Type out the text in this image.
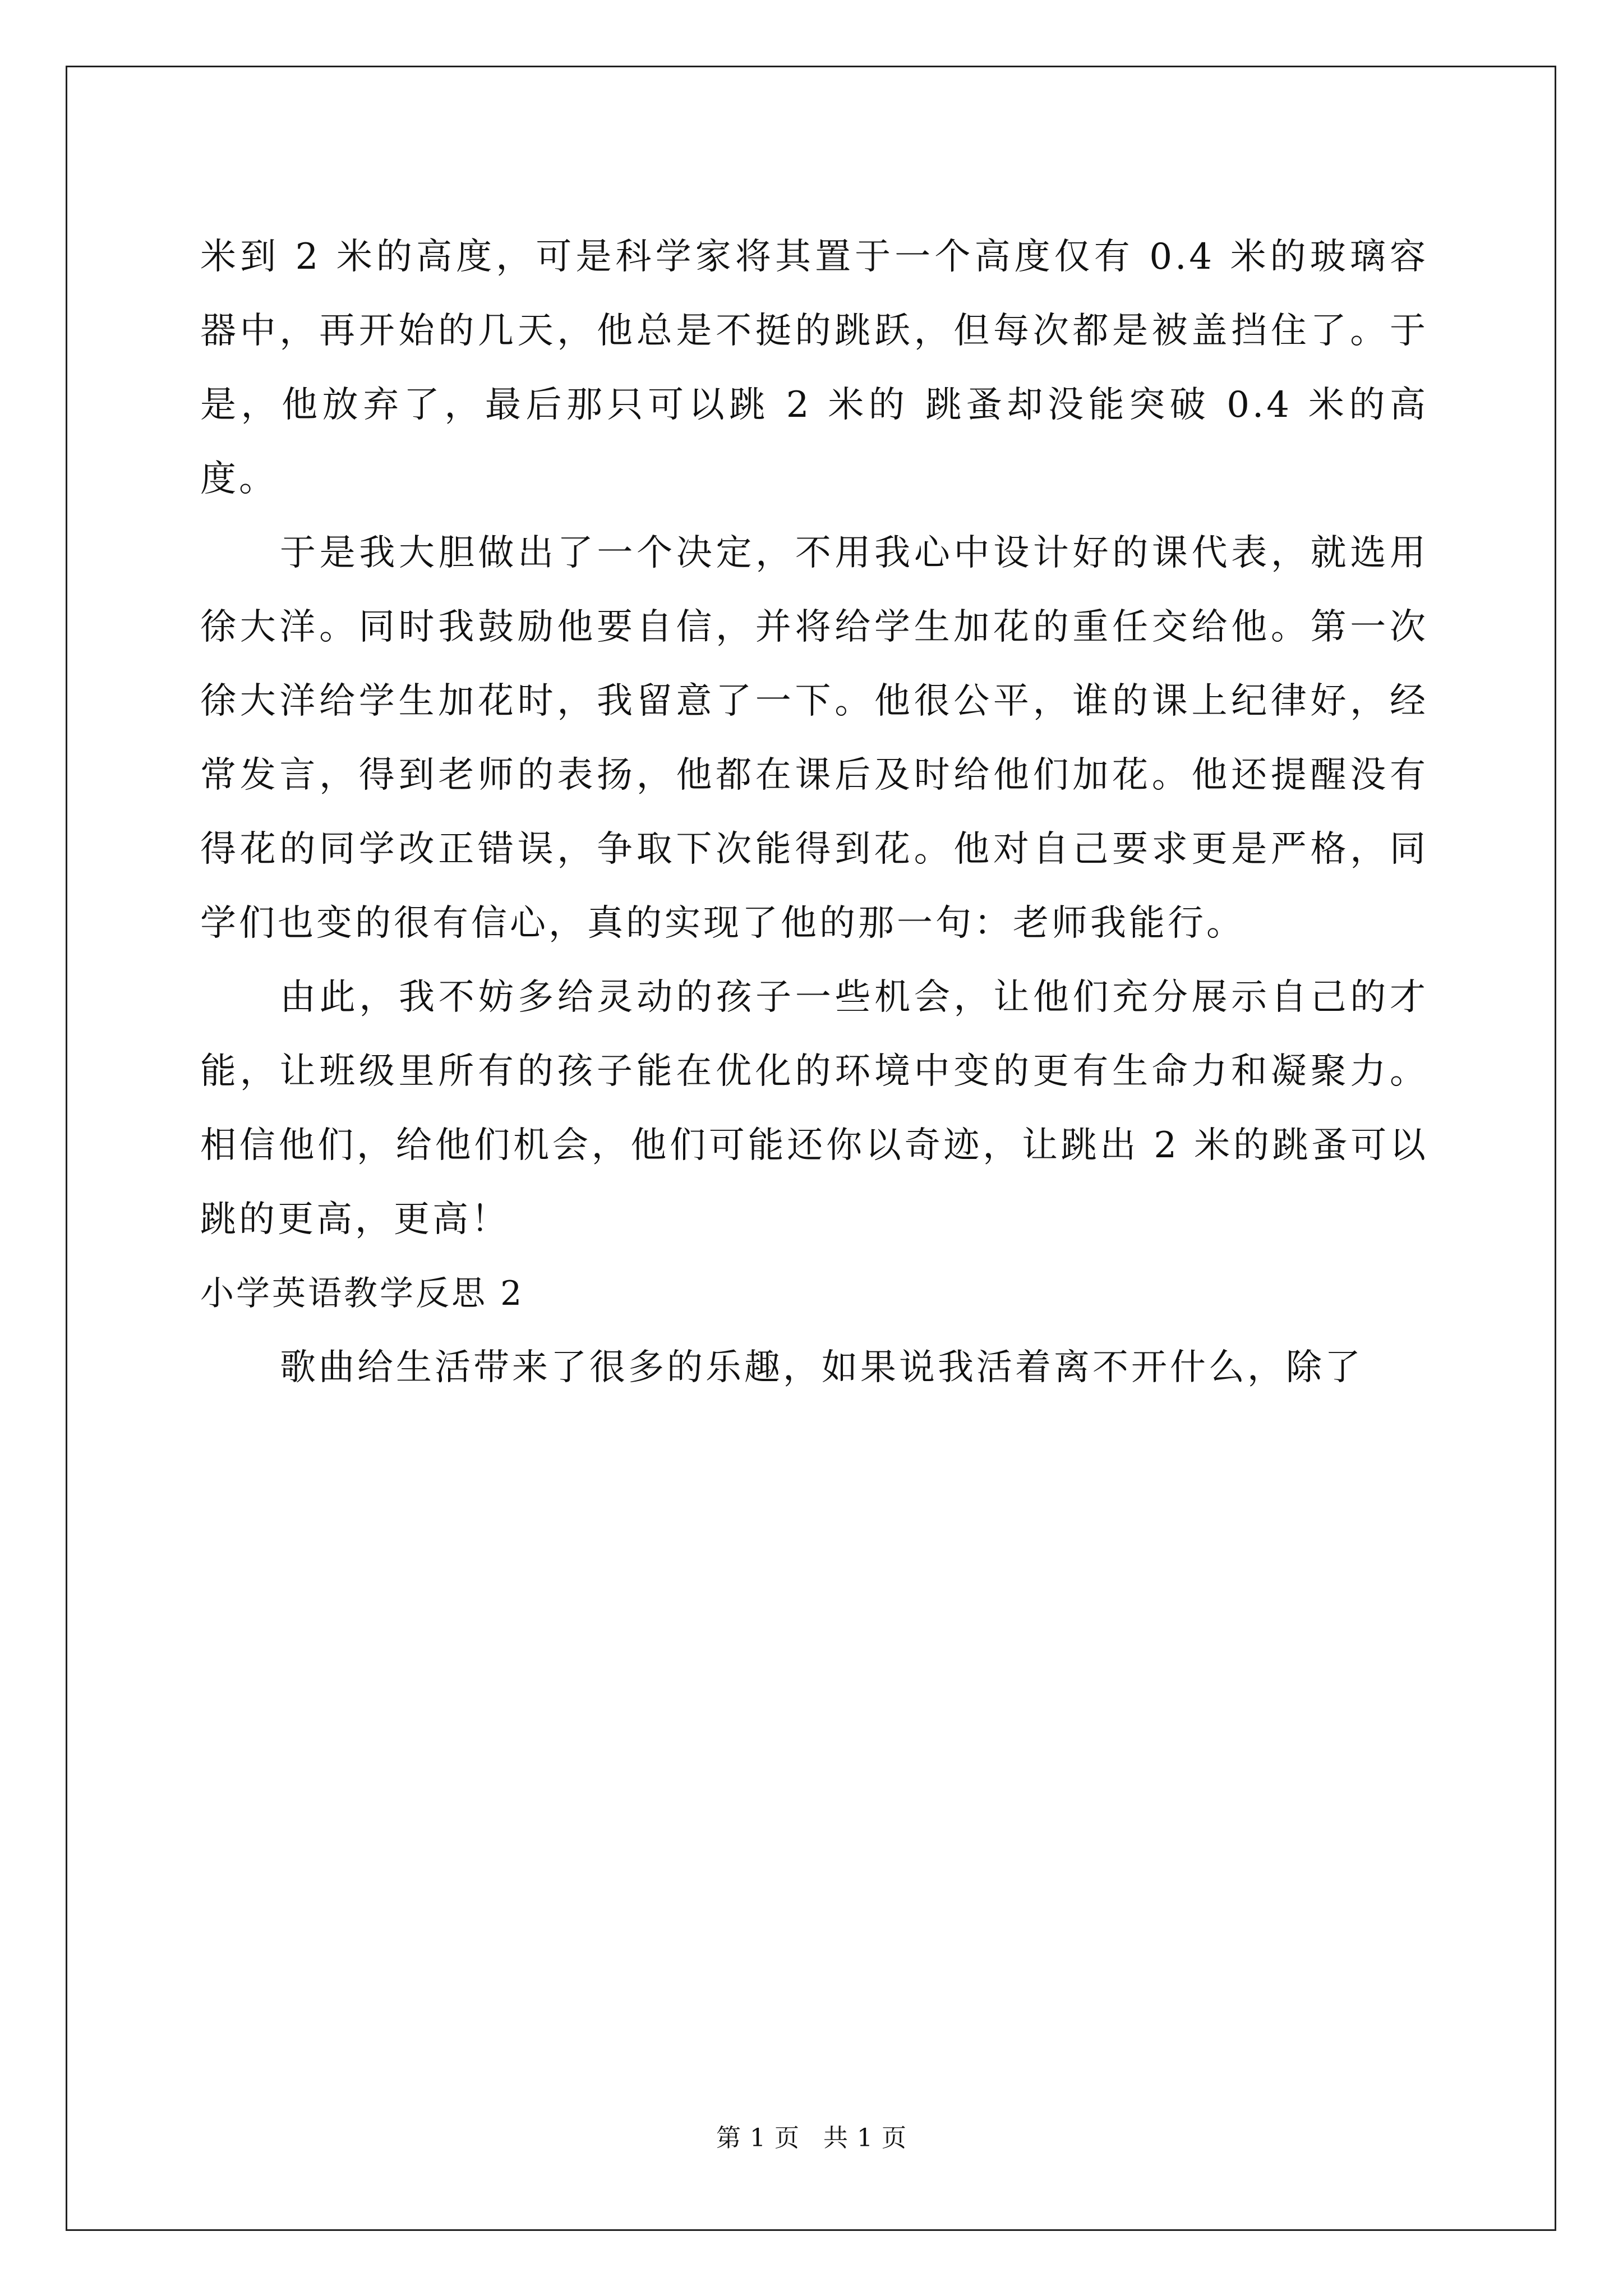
米到 2 米的高度，可是科学家将其置于一个高度仅有 0.4 米的玻璃容器中，再开始的几天，他总是不挺的跳跃，但每次都是被盖挡住了。于是，他放弃了，最后那只可以跳 2 米的 跳蚤却没能突破 0.4 米的高度。

于是我大胆做出了一个决定，不用我心中设计好的课代表，就选用徐大洋。同时我鼓励他要自信，并将给学生加花的重任交给他。第一次徐大洋给学生加花时，我留意了一下。他很公平，谁的课上纪律好，经常发言，得到老师的表扬，他都在课后及时给他们加花。他还提醒没有得花的同学改正错误，争取下次能得到花。他对自己要求更是严格，同学们也变的很有信心，真的实现了他的那一句：老师我能行。

由此，我不妨多给灵动的孩子一些机会，让他们充分展示自己的才能，让班级里所有的孩子能在优化的环境中变的更有生命力和凝聚力。相信他们，给他们机会，他们可能还你以奇迹，让跳出 2 米的跳蚤可以跳的更高，更高！

小学英语教学反思 2

歌曲给生活带来了很多的乐趣，如果说我活着离不开什么，除了

第 1 页 共 1 页
